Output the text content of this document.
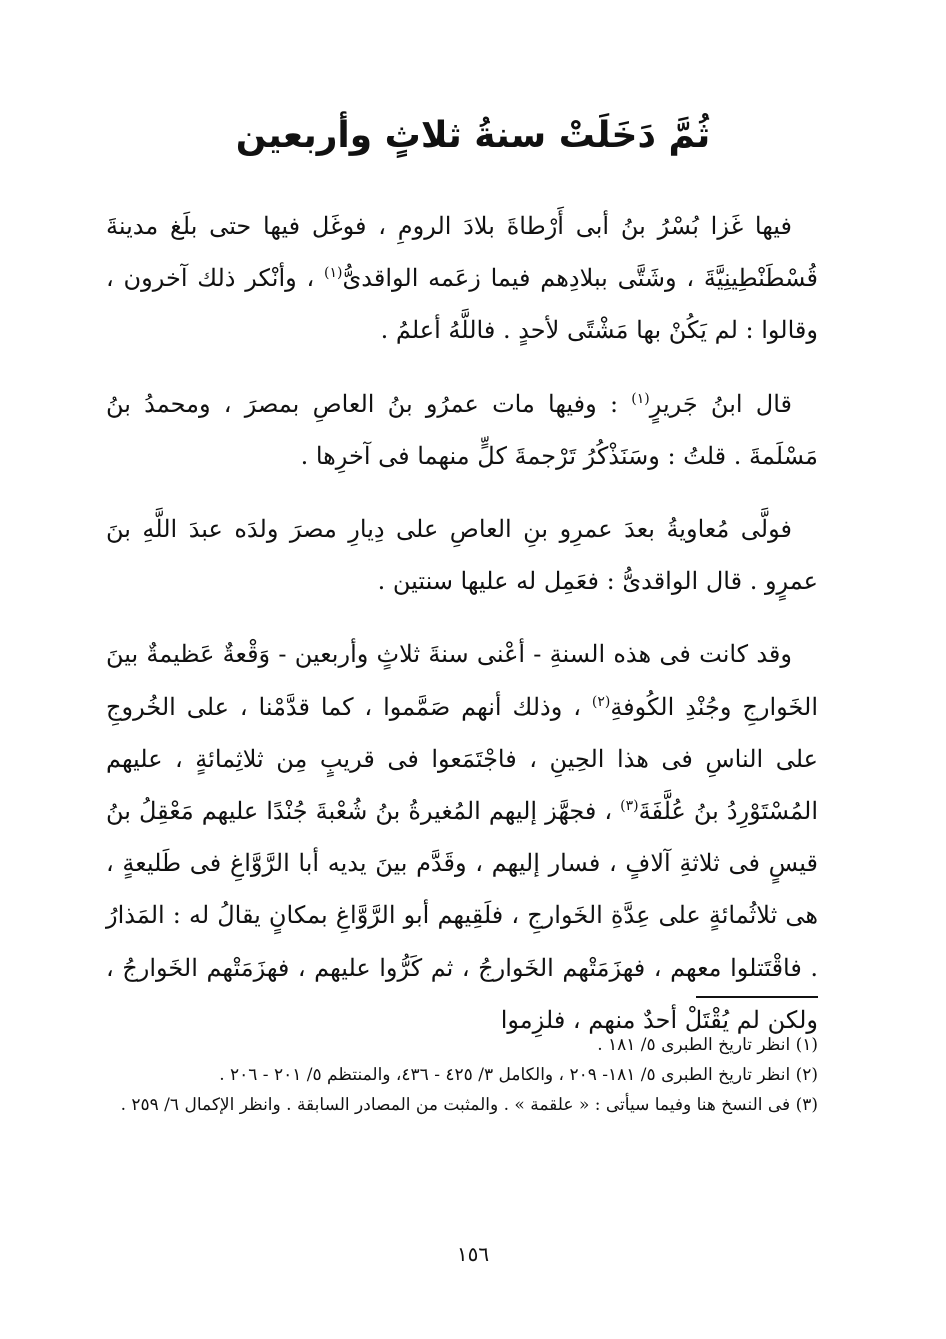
ثُمَّ دَخَلَتْ سنةُ ثلاثٍ وأربعين

فيها غَزا بُسْرُ بنُ أبى أَرْطاةَ بلادَ الرومِ ، فوغَل فيها حتى بلَغ مدينةَ قُسْطَنْطِينِيَّةَ ، وشَتَّى ببلادِهم فيما زعَمه الواقدىُّ$^{(١)}$ ، وأنْكر ذلك آخرون ، وقالوا : لم يَكُنْ بها مَشْتًى لأحدٍ . فاللَّهُ أعلمُ .

قال ابنُ جَريرٍ$^{(١)}$ : وفيها مات عمرُو بنُ العاصِ بمصرَ ، ومحمدُ بنُ مَسْلَمةَ . قلتُ : وسَنَذْكُرُ تَرْجمةَ كلٍّ منهما فى آخرِها .

فولَّى مُعاويةُ بعدَ عمرِو بنِ العاصِ على دِيارِ مصرَ ولدَه عبدَ اللَّهِ بنَ عمرٍو . قال الواقدىُّ : فعَمِل له عليها سنتين .

وقد كانت فى هذه السنةِ - أعْنى سنةَ ثلاثٍ وأربعين - وَقْعةٌ عَظيمةٌ بينَ الخَوارجِ وجُنْدِ الكُوفةِ$^{(٢)}$ ، وذلك أنهم صَمَّموا ، كما قدَّمْنا ، على الخُروجِ على الناسِ فى هذا الحِينِ ، فاجْتَمَعوا فى قريبٍ مِن ثلاثِمائةٍ ، عليهم المُسْتَوْرِدُ بنُ عُلَّفَةَ$^{(٣)}$ ، فجهَّز إليهم المُغيرةُ بنُ شُعْبةَ جُنْدًا عليهم مَعْقِلُ بنُ قيسٍ فى ثلاثةِ آلافٍ ، فسار إليهم ، وقَدَّم بينَ يديه أبا الرَّوَّاغِ فى طَليعةٍ ، هى ثلاثُمائةٍ على عِدَّةِ الخَوارجِ ، فلَقِيهم أبو الرَّوَّاغِ بمكانٍ يقالُ له : المَذارُ . فاقْتَتلوا معهم ، فهزَمَتْهم الخَوارجُ ، ثم كَرُّوا عليهم ، فهزَمَتْهم الخَوارجُ ، ولكن لم يُقْتَلْ أحدٌ منهم ، فلزِموا

(١) انظر تاريخ الطبرى ٥/ ١٨١ .

(٢) انظر تاريخ الطبرى ٥/ ١٨١- ٢٠٩ ، والكامل ٣/ ٤٢٥ - ٤٣٦، والمنتظم ٥/ ٢٠١ - ٢٠٦ .

(٣) فى النسخ هنا وفيما سيأتى : « علقمة » . والمثبت من المصادر السابقة . وانظر الإكمال ٦/ ٢٥٩ .

١٥٦
